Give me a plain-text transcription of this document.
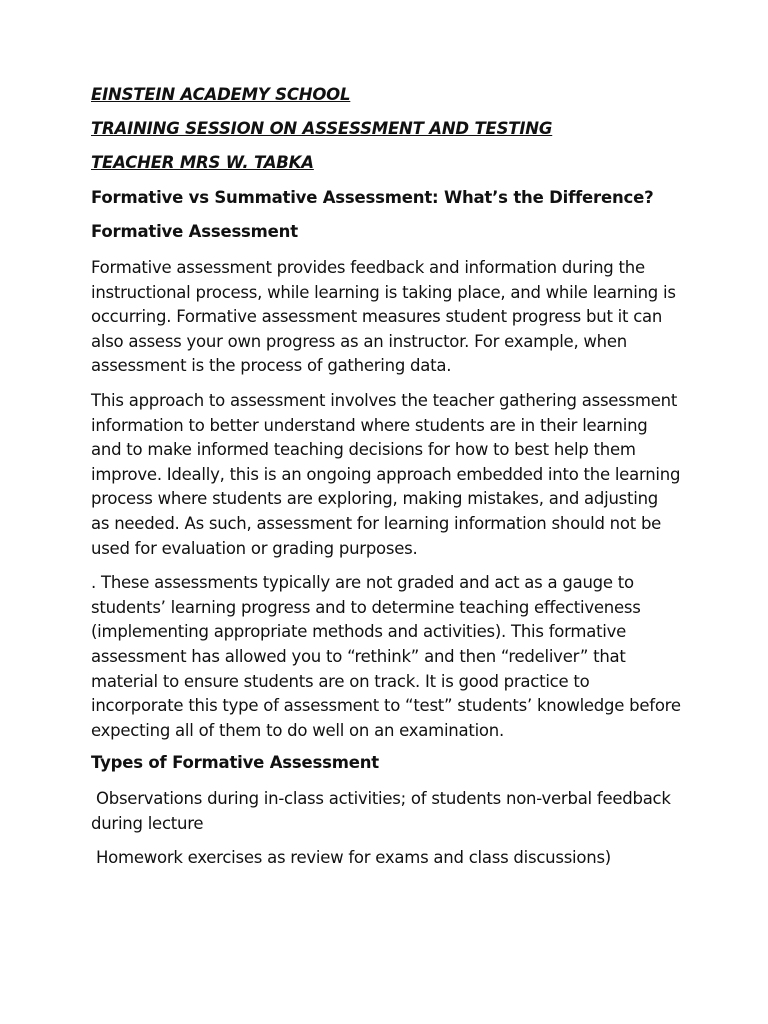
EINSTEIN ACADEMY SCHOOL
TRAINING SESSION ON ASSESSMENT AND TESTING
TEACHER MRS W. TABKA
Formative vs Summative Assessment: What’s the Difference?
Formative Assessment
Formative assessment provides feedback and information during the instructional process, while learning is taking place, and while learning is occurring. Formative assessment measures student progress but it can also assess your own progress as an instructor. For example, when assessment is the process of gathering data.
This approach to assessment involves the teacher gathering assessment information to better understand where students are in their learning and to make informed teaching decisions for how to best help them improve. Ideally, this is an ongoing approach embedded into the learning process where students are exploring, making mistakes, and adjusting as needed. As such, assessment for learning information should not be used for evaluation or grading purposes.
. These assessments typically are not graded and act as a gauge to students’ learning progress and to determine teaching effectiveness (implementing appropriate methods and activities). This formative assessment has allowed you to “rethink” and then “redeliver” that material to ensure students are on track. It is good practice to incorporate this type of assessment to “test” students’ knowledge before expecting all of them to do well on an examination.
Types of Formative Assessment
Observations during in-class activities; of students non-verbal feedback during lecture
Homework exercises as review for exams and class discussions)
